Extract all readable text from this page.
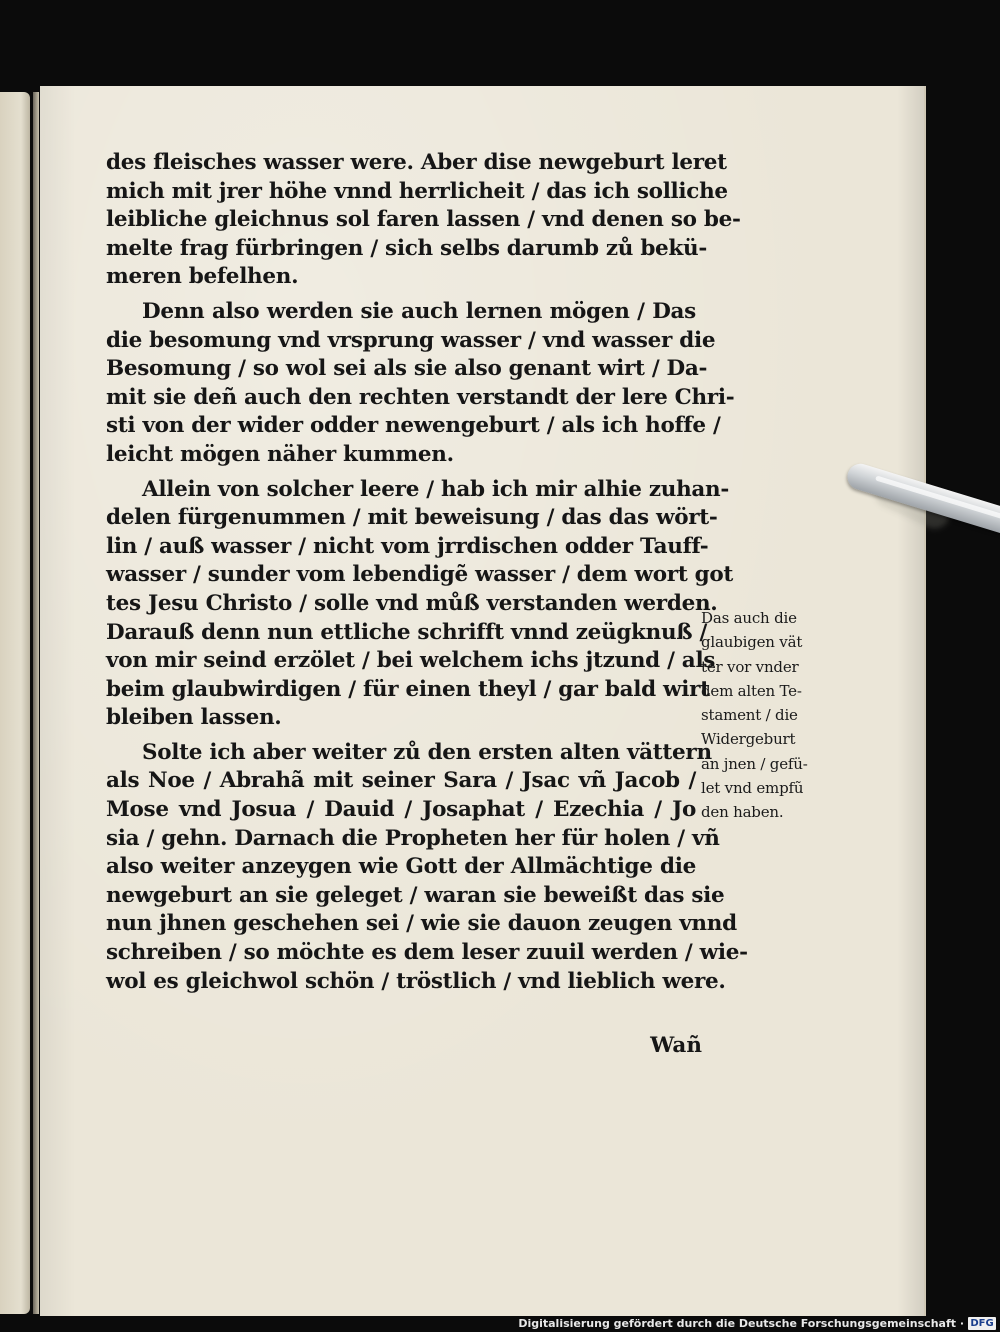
des fleisches wasser were. Aber dise newgeburt leret
mich mit jrer höhe vnnd herrlicheit / das ich solliche
leibliche gleichnus sol faren lassen / vnd denen so be-
melte frag fürbringen / sich selbs darumb zů bekü-
meren befelhen.
Denn also werden sie auch lernen mögen / Das
die besomung vnd vrsprung wasser / vnd wasser die
Besomung / so wol sei als sie also genant wirt / Da-
mit sie deñ auch den rechten verstandt der lere Chri-
sti von der wider odder newengeburt / als ich hoffe /
leicht mögen näher kummen.
Allein von solcher leere / hab ich mir alhie zuhan-
delen fürgenummen / mit beweisung / das das wört-
lin / auß wasser / nicht vom jrrdischen odder Tauff-
wasser / sunder vom lebendigẽ wasser / dem wort got
tes Jesu Christo / solle vnd můß verstanden werden.
Darauß denn nun ettliche schrifft vnnd zeügknuß /
von mir seind erzölet / bei welchem ichs jtzund / als
beim glaubwirdigen / für einen theyl / gar bald wirt
bleiben lassen.
Solte ich aber weiter zů den ersten alten vättern
als Noe / Abrahã mit seiner Sara / Jsac vñ Jacob /
Mose vnd Josua / Dauid / Josaphat / Ezechia / Jo
sia / gehn. Darnach die Propheten her für holen / vñ
also weiter anzeygen wie Gott der Allmächtige die
newgeburt an sie geleget / waran sie beweißt das sie
nun jhnen geschehen sei / wie sie dauon zeugen vnnd
schreiben / so möchte es dem leser zuuil werden / wie-
wol es gleichwol schön / tröstlich / vnd lieblich were.
Wañ
Das auch die
glaubigen vät
ter vor vnder
dem alten Te-
stament / die
Widergeburt
an jnen / gefü-
let vnd empfũ
den haben.
Digitalisierung gefördert durch die Deutsche Forschungsgemeinschaft · DFG
